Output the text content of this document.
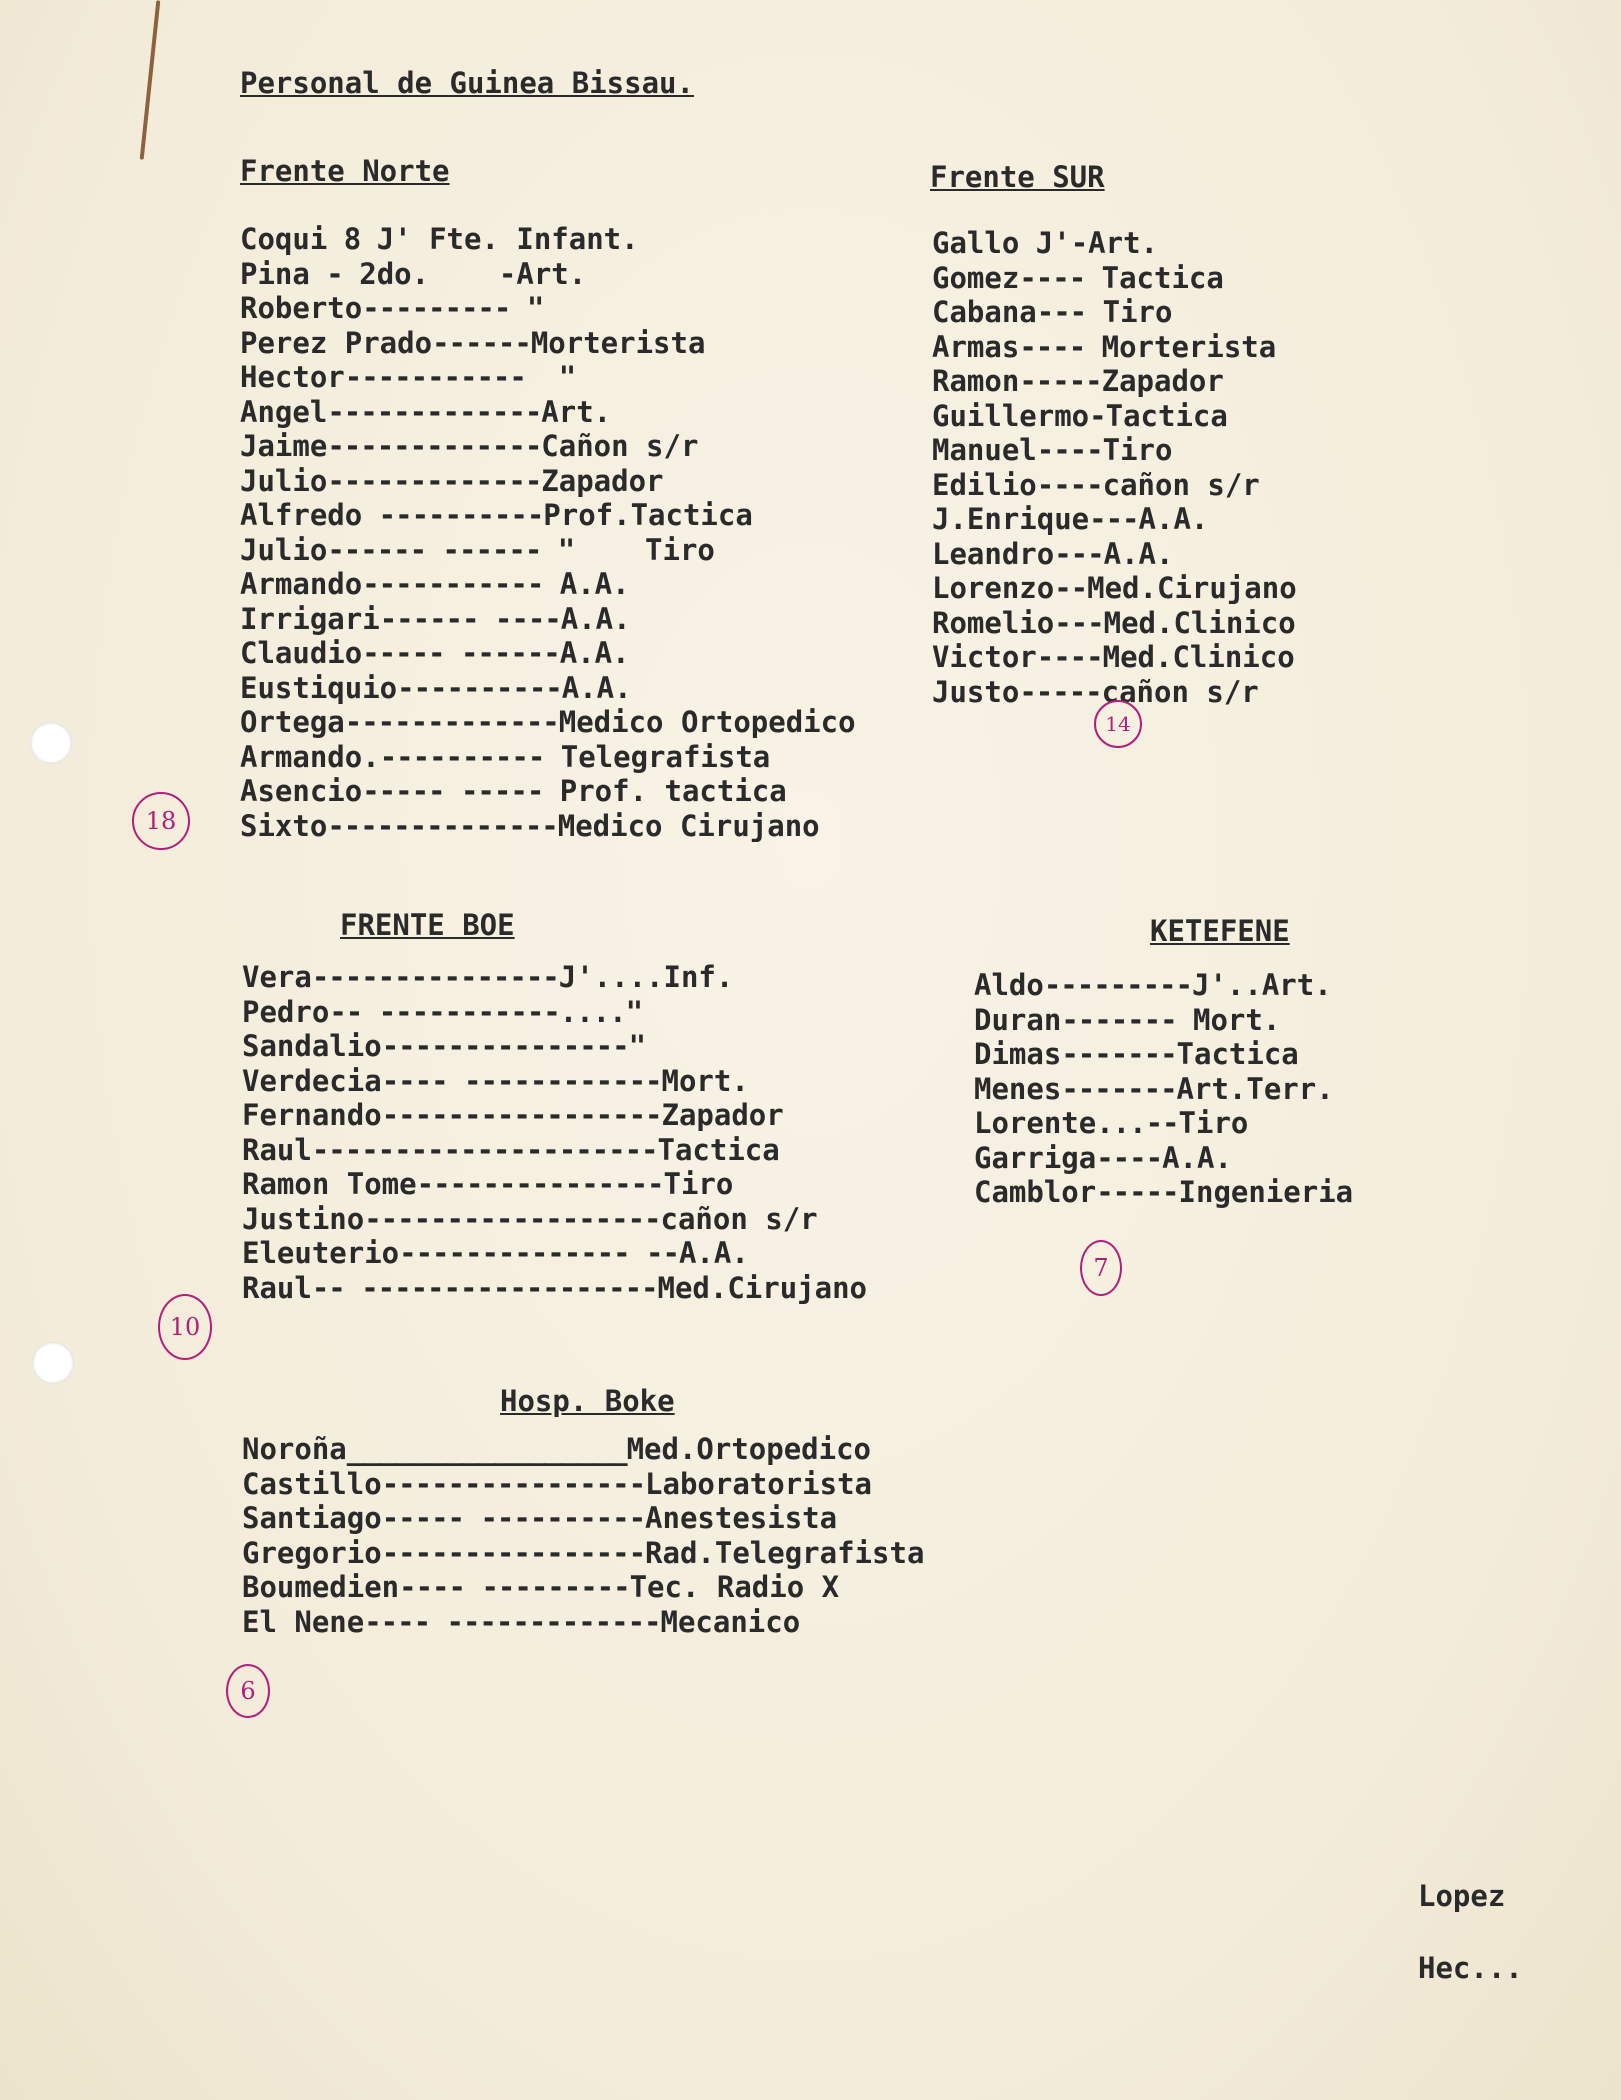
Personal de Guinea Bissau.
Frente Norte
Coqui 8 J' Fte. Infant.
Pina - 2do.    -Art.
Roberto--------- "
Perez Prado------Morterista
Hector-----------  "
Angel-------------Art.
Jaime-------------Cañon s/r
Julio-------------Zapador
Alfredo ----------Prof.Tactica
Julio------ ------ "    Tiro
Armando----------- A.A.
Irrigari------ ----A.A.
Claudio----- ------A.A.
Eustiquio----------A.A.
Ortega-------------Medico Ortopedico
Armando.---------- Telegrafista
Asencio----- ----- Prof. tactica
Sixto--------------Medico Cirujano
18
Frente SUR
Gallo J'-Art.
Gomez---- Tactica
Cabana--- Tiro
Armas---- Morterista
Ramon-----Zapador
Guillermo-Tactica
Manuel----Tiro
Edilio----cañon s/r
J.Enrique---A.A.
Leandro---A.A.
Lorenzo--Med.Cirujano
Romelio---Med.Clinico
Victor----Med.Clinico
Justo-----cañon s/r
14
FRENTE BOE
Vera---------------J'....Inf.
Pedro-- -----------...."
Sandalio---------------"
Verdecia---- ------------Mort.
Fernando-----------------Zapador
Raul---------------------Tactica
Ramon Tome---------------Tiro
Justino------------------cañon s/r
Eleuterio-------------- --A.A.
Raul-- ------------------Med.Cirujano
10
KETEFENE
Aldo---------J'..Art.
Duran------- Mort.
Dimas-------Tactica
Menes-------Art.Terr.
Lorente...--Tiro
Garriga----A.A.
Camblor-----Ingenieria
7
Hosp. Boke
Noroña_________________Med.Ortopedico
Castillo----------------Laboratorista
Santiago----- ----------Anestesista
Gregorio----------------Rad.Telegrafista
Boumedien---- ---------Tec. Radio X
El Nene---- -------------Mecanico
6

Lopez

Hec...
